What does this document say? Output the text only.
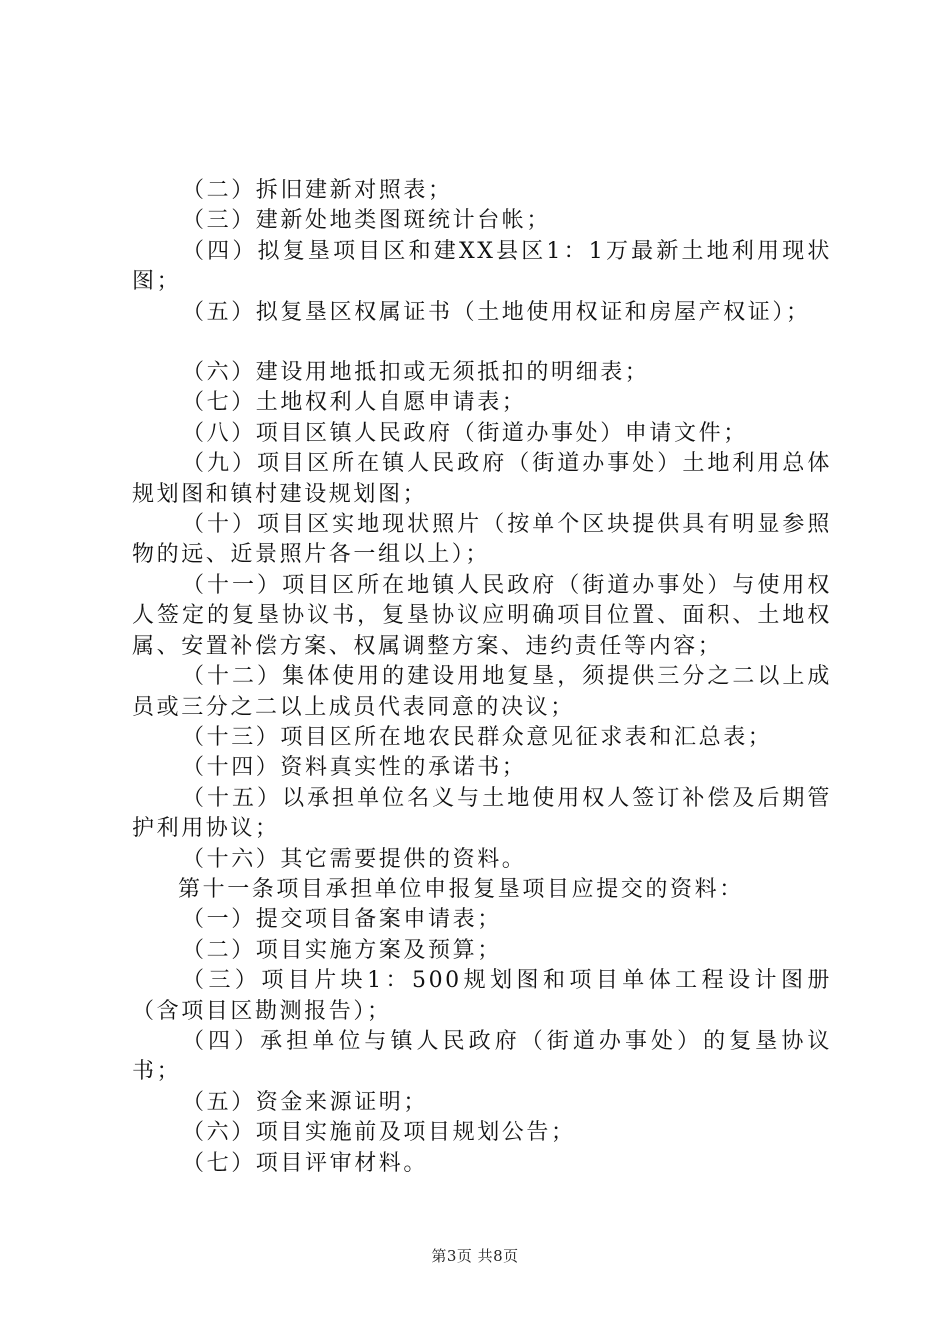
（二）拆旧建新对照表；

（三）建新处地类图斑统计台帐；

（四）拟复垦项目区和建XX县区1：1万最新土地利用现状图；

（五）拟复垦区权属证书（土地使用权证和房屋产权证）；

（六）建设用地抵扣或无须抵扣的明细表；

（七）土地权利人自愿申请表；

（八）项目区镇人民政府（街道办事处）申请文件；

（九）项目区所在镇人民政府（街道办事处）土地利用总体规划图和镇村建设规划图；

（十）项目区实地现状照片（按单个区块提供具有明显参照物的远、近景照片各一组以上）；

（十一）项目区所在地镇人民政府（街道办事处）与使用权人签定的复垦协议书，复垦协议应明确项目位置、面积、土地权属、安置补偿方案、权属调整方案、违约责任等内容；

（十二）集体使用的建设用地复垦，须提供三分之二以上成员或三分之二以上成员代表同意的决议；

（十三）项目区所在地农民群众意见征求表和汇总表；

（十四）资料真实性的承诺书；

（十五）以承担单位名义与土地使用权人签订补偿及后期管护利用协议；

（十六）其它需要提供的资料。

第十一条项目承担单位申报复垦项目应提交的资料：

（一）提交项目备案申请表；

（二）项目实施方案及预算；

（三）项目片块1：500规划图和项目单体工程设计图册（含项目区勘测报告）；

（四）承担单位与镇人民政府（街道办事处）的复垦协议书；

（五）资金来源证明；

（六）项目实施前及项目规划公告；

（七）项目评审材料。

第3页 共8页
